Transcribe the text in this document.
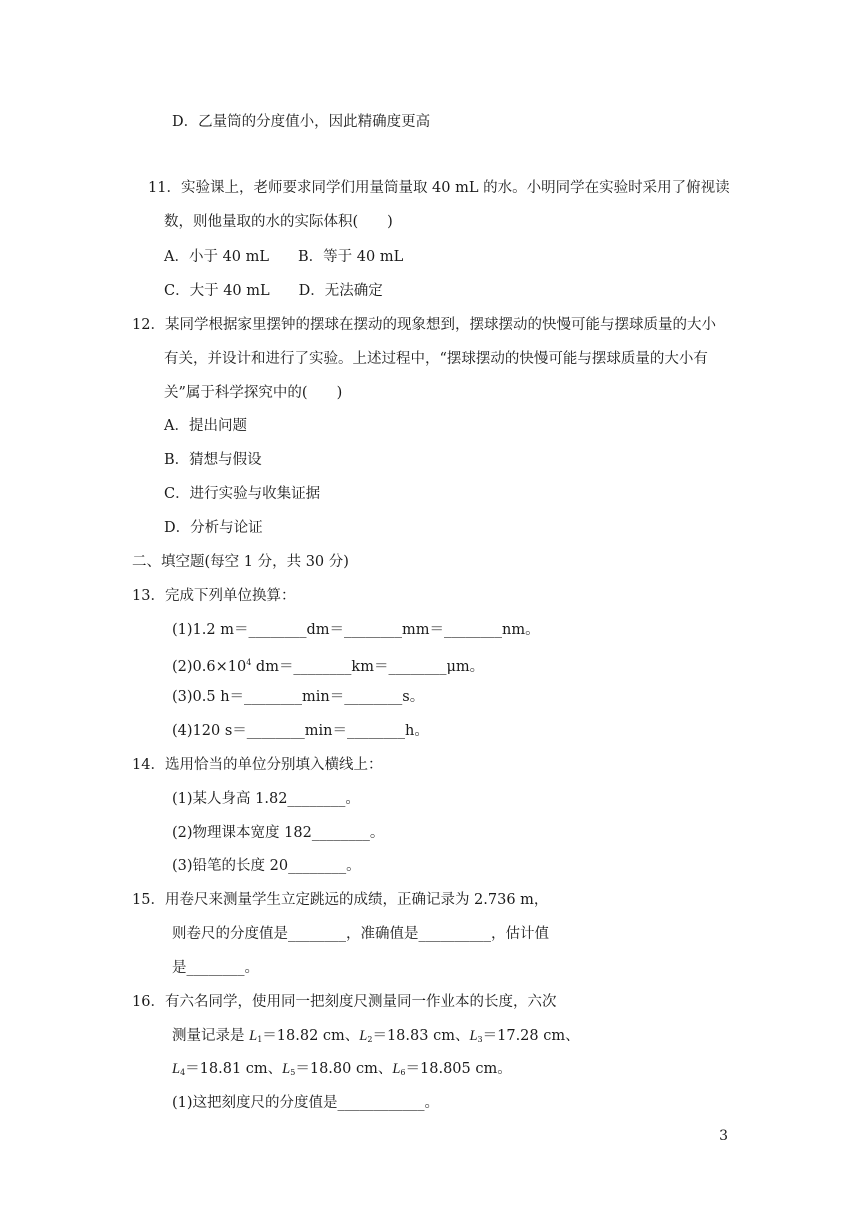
D．乙量筒的分度值小，因此精确度更高
11．实验课上，老师要求同学们用量筒量取 40 mL 的水。小明同学在实验时采用了俯视读
数，则他量取的水的实际体积(　　)
A．小于 40 mL　　B．等于 40 mL
C．大于 40 mL　　D．无法确定
12．某同学根据家里摆钟的摆球在摆动的现象想到，摆球摆动的快慢可能与摆球质量的大小
有关，并设计和进行了实验。上述过程中，“摆球摆动的快慢可能与摆球质量的大小有
关”属于科学探究中的(　　)
A．提出问题
B．猜想与假设
C．进行实验与收集证据
D．分析与论证
二、填空题(每空 1 分，共 30 分)
13．完成下列单位换算：
(1)1.2 m＝________dm＝________mm＝________nm。
$(2)0.6\times 10^4$ dm＝________km＝________μm。
(3)0.5 h＝________min＝________s。
(4)120 s＝________min＝________h。
14．选用恰当的单位分别填入横线上：
(1)某人身高 1.82________。
(2)物理课本宽度 182________。
(3)铅笔的长度 20________。
15．用卷尺来测量学生立定跳远的成绩，正确记录为 2.736 m，
则卷尺的分度值是________，准确值是__________，估计值
是________。
16．有六名同学，使用同一把刻度尺测量同一作业本的长度，六次
测量记录是 $L_1=18.82$ cm、$L_2=18.83$ cm、$L_3=17.28$ cm、
$L_4=18.81$ cm、$L_5=18.80$ cm、$L_6=18.805$ cm。
(1)这把刻度尺的分度值是____________。
3
